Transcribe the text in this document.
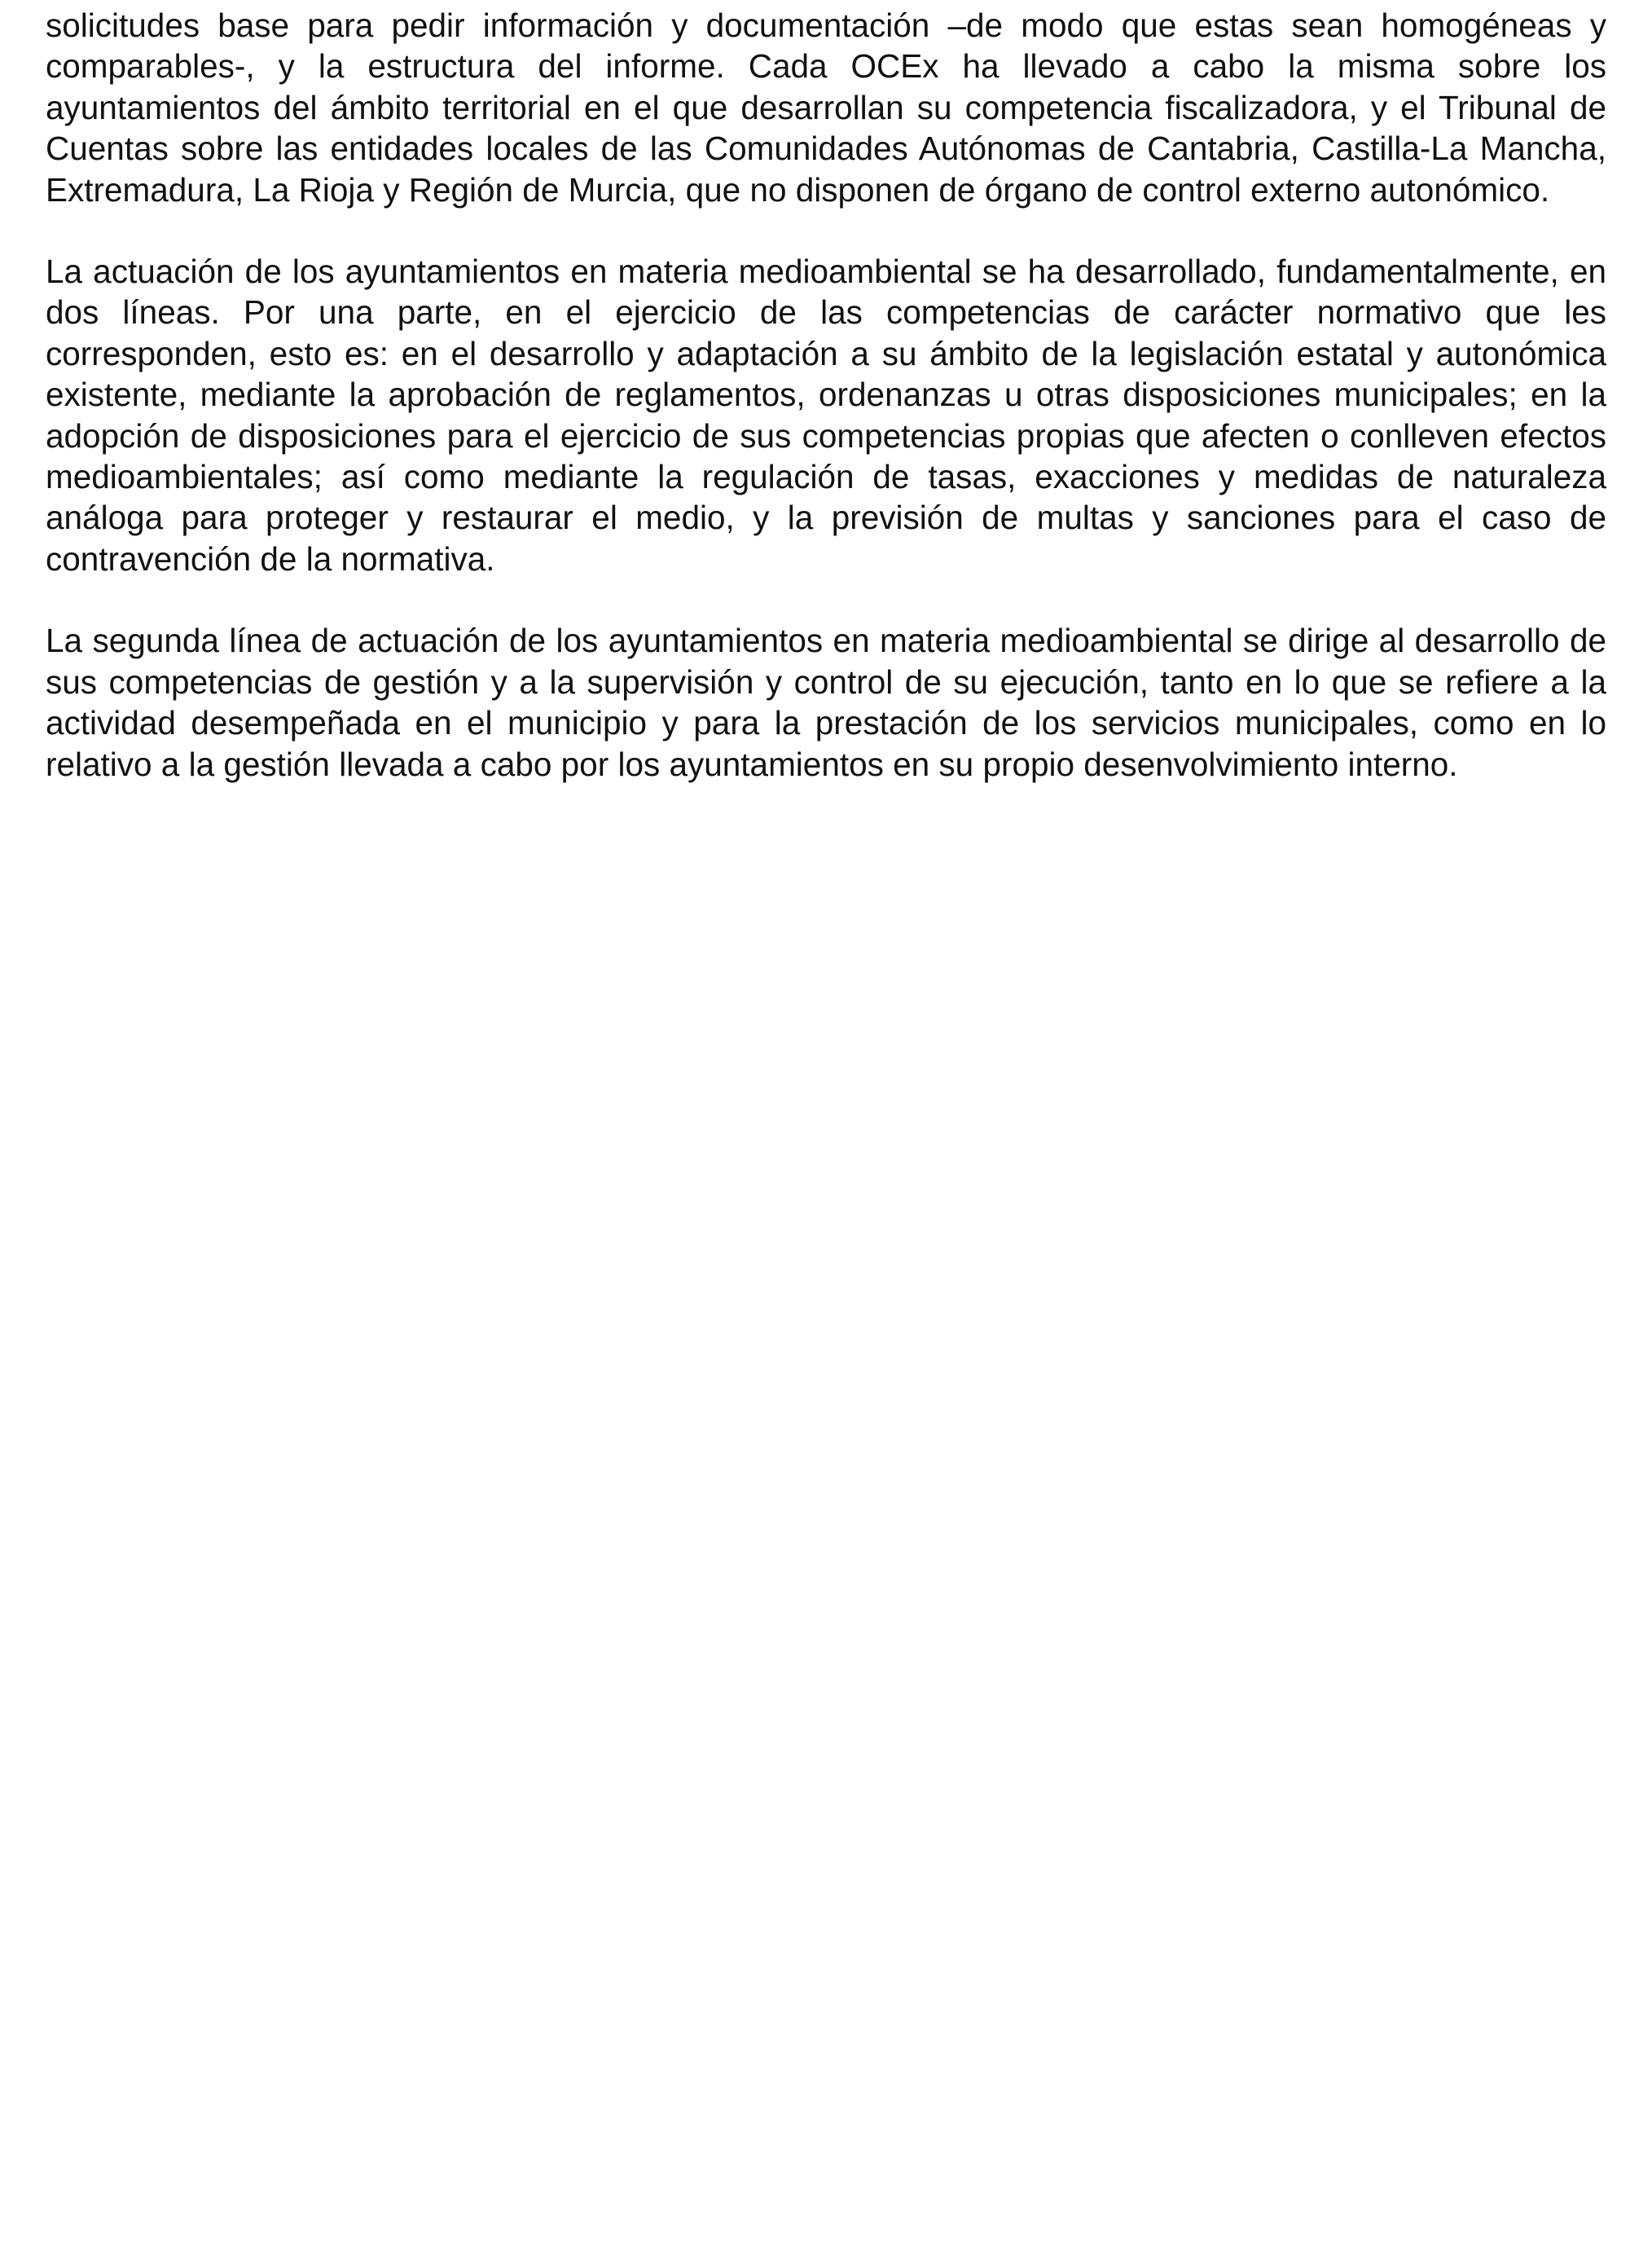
solicitudes base para pedir información y documentación –de modo que estas sean homogéneas y comparables-, y la estructura del informe. Cada OCEx ha llevado a cabo la misma sobre los ayuntamientos del ámbito territorial en el que desarrollan su competencia fiscalizadora, y el Tribunal de Cuentas sobre las entidades locales de las Comunidades Autónomas de Cantabria, Castilla-La Mancha, Extremadura, La Rioja y Región de Murcia, que no disponen de órgano de control externo autonómico.

La actuación de los ayuntamientos en materia medioambiental se ha desarrollado, fundamentalmente, en dos líneas. Por una parte, en el ejercicio de las competencias de carácter normativo que les corresponden, esto es: en el desarrollo y adaptación a su ámbito de la legislación estatal y autonómica existente, mediante la aprobación de reglamentos, ordenanzas u otras disposiciones municipales; en la adopción de disposiciones para el ejercicio de sus competencias propias que afecten o conlleven efectos medioambientales; así como mediante la regulación de tasas, exacciones y medidas de naturaleza análoga para proteger y restaurar el medio, y la previsión de multas y sanciones para el caso de contravención de la normativa.

La segunda línea de actuación de los ayuntamientos en materia medioambiental se dirige al desarrollo de sus competencias de gestión y a la supervisión y control de su ejecución, tanto en lo que se refiere a la actividad desempeñada en el municipio y para la prestación de los servicios municipales, como en lo relativo a la gestión llevada a cabo por los ayuntamientos en su propio desenvolvimiento interno.
